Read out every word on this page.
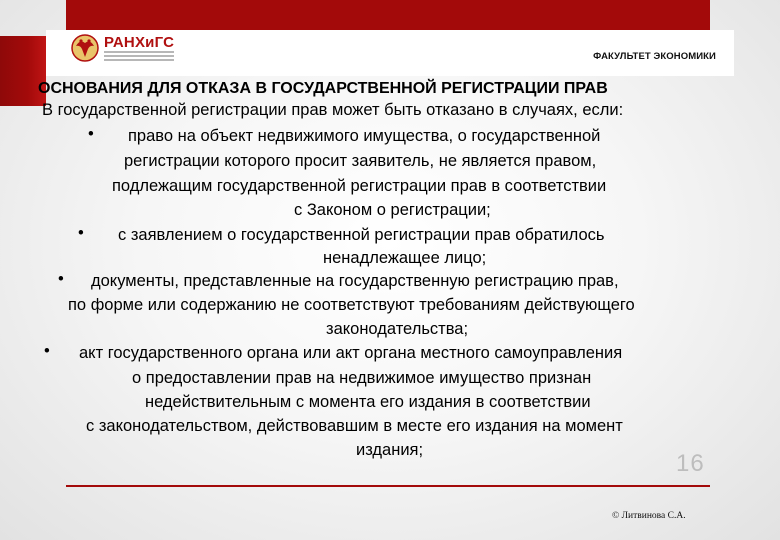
РАНХиГС
ФАКУЛЬТЕТ ЭКОНОМИКИ
ОСНОВАНИЯ ДЛЯ ОТКАЗА В ГОСУДАРСТВЕННОЙ РЕГИСТРАЦИИ ПРАВ
В государственной регистрации прав может быть отказано в случаях, если:
• право на объект недвижимого имущества, о государственной
регистрации которого просит заявитель, не является правом,
подлежащим государственной регистрации прав в соответствии
с Законом о регистрации;
• с заявлением о государственной регистрации прав обратилось
ненадлежащее лицо;
• документы, представленные на государственную регистрацию прав,
по форме или содержанию не соответствуют требованиям действующего
законодательства;
• акт государственного органа или акт органа местного самоуправления
о предоставлении прав на недвижимое имущество признан
недействительным с момента его издания в соответствии
с законодательством, действовавшим в месте его издания на момент
издания;	16
© Литвинова С.А.
